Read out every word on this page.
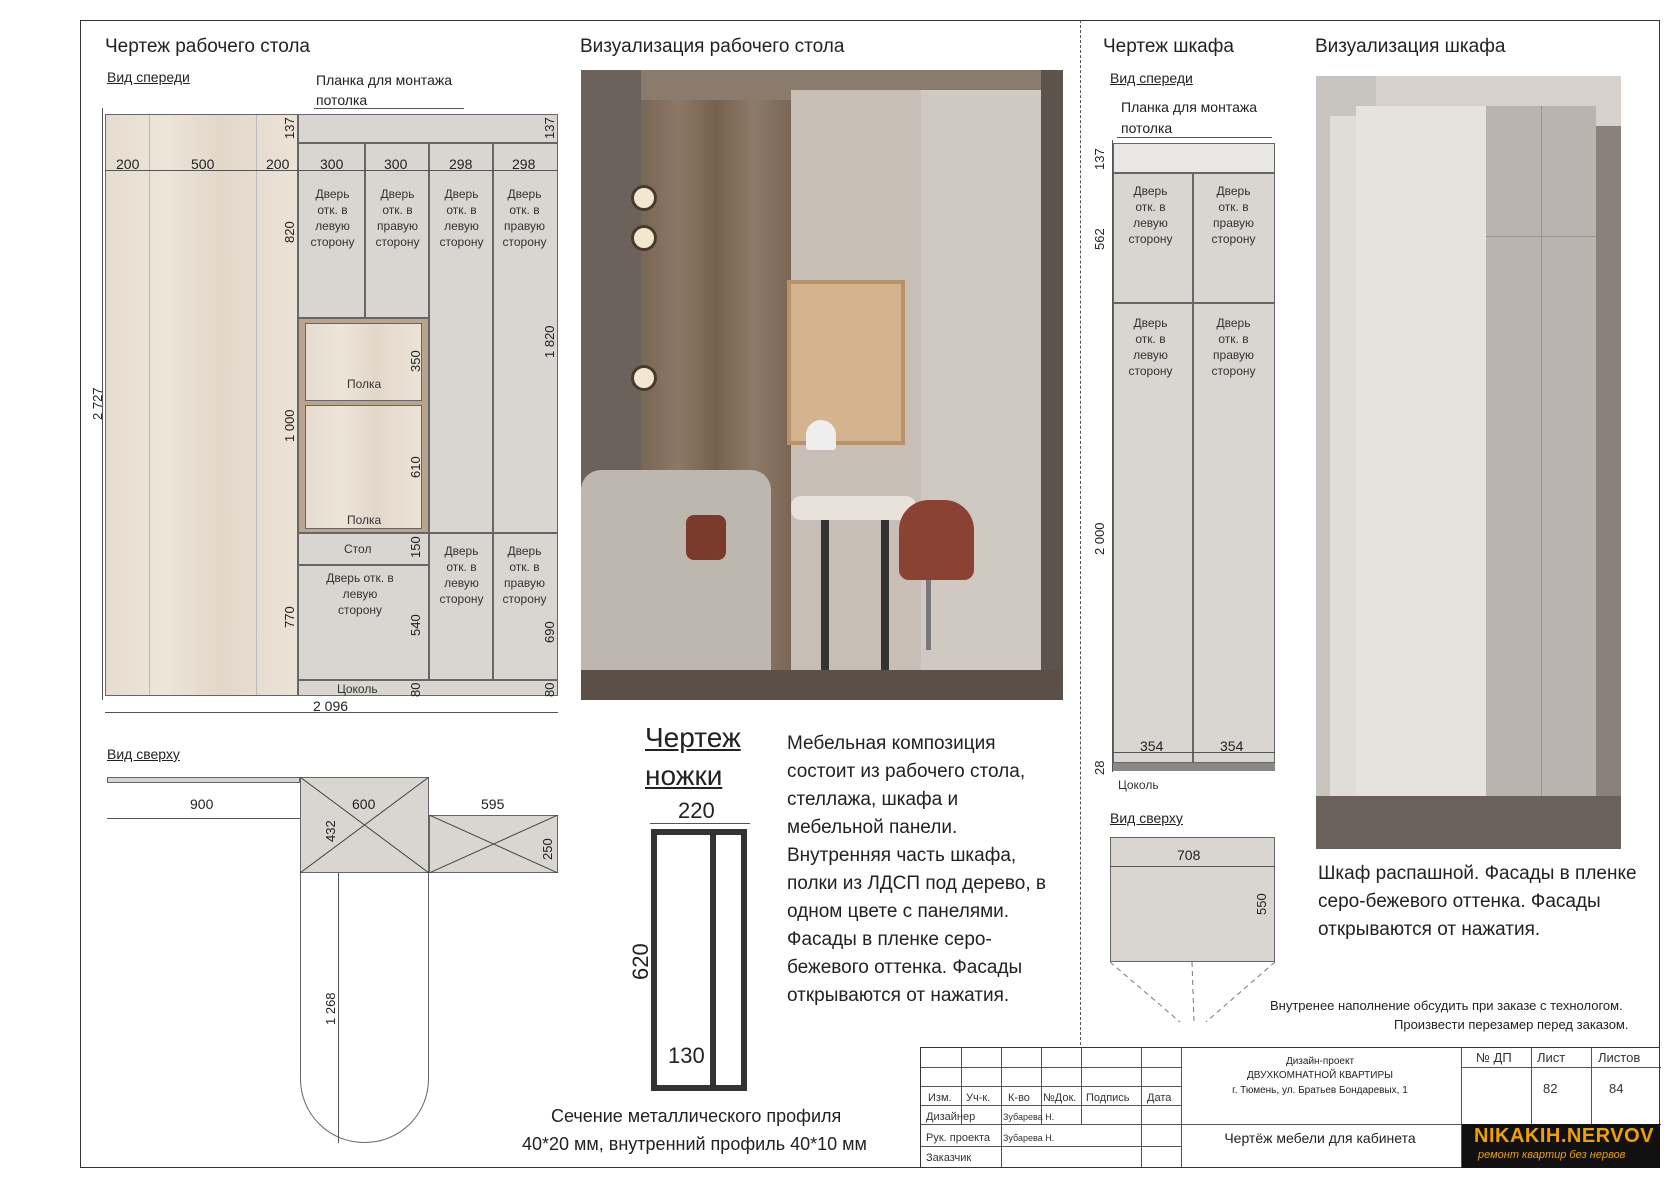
Чертеж рабочего стола
Вид спереди	Планка для монтажа потолка
Полка
Полка
Стол
Цоколь
Дверь отк. в левую сторону
Дверь отк. в правую сторону
Дверь отк. в левую сторону
Дверь отк. в правую сторону
Дверь отк. в левую сторону
Дверь отк. в левую сторону
Дверь отк. в правую сторону
200	500	200 300	300	298	298
137	137
820
1 820
350
1 000
610
150
770	540	690
80	80
2 727
2 096
Вид сверху
900	600	595
432
250
1 268
Визуализация рабочего стола
Чертеж
ножки
220
620
130
Сечение металлического профиля
40*20 мм, внутренний профиль 40*10 мм
Мебельная композиция состоит из рабочего стола, стеллажа, шкафа и мебельной панели. Внутренняя часть шкафа, полки из ЛДСП под дерево, в одном цвете с панелями. Фасады в пленке серо-бежевого оттенка. Фасады открываются от нажатия.
Чертеж шкафа
Вид спереди
Планка для монтажа потолка
Дверь отк. в левую сторону
Дверь отк. в правую сторону
Дверь отк. в левую сторону
Дверь отк. в правую сторону
137
562
2 000
28
354	354
Цоколь
Вид сверху
708
550
Визуализация шкафа
Шкаф распашной. Фасады в пленке серо-бежевого оттенка. Фасады открываются от нажатия.
Внутренее наполнение обсудить при заказе с технологом.
Произвести перезамер перед заказом.
Изм. Уч-к. К-во №Док. Подпись Дата
Дизайнер	Зубарева Н.
Рук. проекта Зубарева Н.
Заказчик
Дизайн-проект
ДВУХКОМНАТНОЙ КВАРТИРЫ
г. Тюмень, ул. Братьев Бондаревых, 1
Чертёж мебели для кабинета
№ ДП Лист	Листов
82	84
NIKAKIH.NERVOV
ремонт квартир без нервов
